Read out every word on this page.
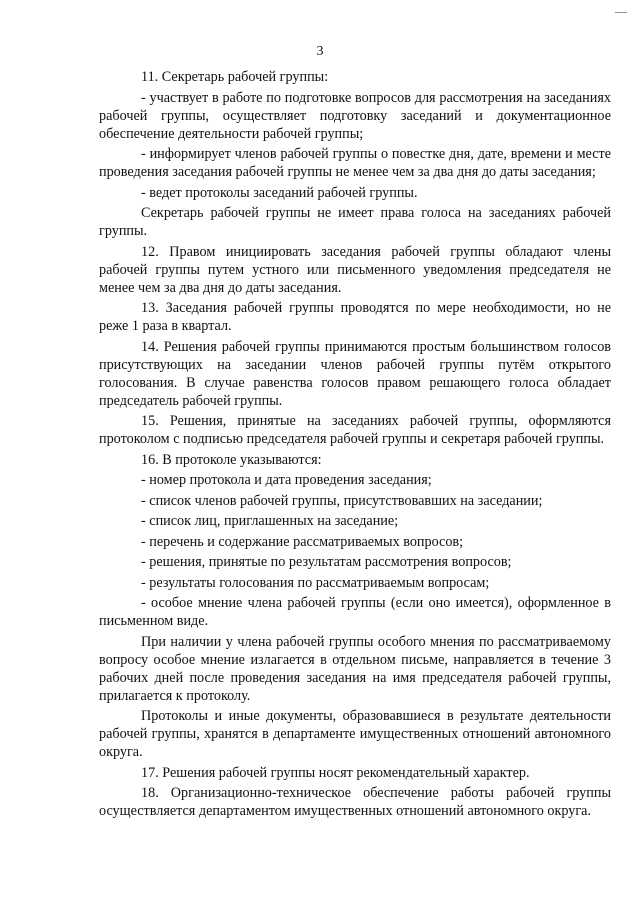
—
3

11. Секретарь рабочей группы:

- участвует в работе по подготовке вопросов для рассмотрения на заседаниях рабочей группы, осуществляет подготовку заседаний и документационное обеспечение деятельности рабочей группы;

- информирует членов рабочей группы о повестке дня, дате, времени и месте проведения заседания рабочей группы не менее чем за два дня до даты заседания;

- ведет протоколы заседаний рабочей группы.

Секретарь рабочей группы не имеет права голоса на заседаниях рабочей группы.

12. Правом инициировать заседания рабочей группы обладают члены рабочей группы путем устного или письменного уведомления председателя не менее чем за два дня до даты заседания.

13. Заседания рабочей группы проводятся по мере необходимости, но не реже 1 раза в квартал.

14. Решения рабочей группы принимаются простым большинством голосов присутствующих на заседании членов рабочей группы путём открытого голосования. В случае равенства голосов правом решающего голоса обладает председатель рабочей группы.

15. Решения, принятые на заседаниях рабочей группы, оформляются протоколом с подписью председателя рабочей группы и секретаря рабочей группы.

16. В протоколе указываются:

- номер протокола и дата проведения заседания;

- список членов рабочей группы, присутствовавших на заседании;

- список лиц, приглашенных на заседание;

- перечень и содержание рассматриваемых вопросов;

- решения, принятые по результатам рассмотрения вопросов;

- результаты голосования по рассматриваемым вопросам;

- особое мнение члена рабочей группы (если оно имеется), оформленное в письменном виде.

При наличии у члена рабочей группы особого мнения по рассматриваемому вопросу особое мнение излагается в отдельном письме, направляется в течение 3 рабочих дней после проведения заседания на имя председателя рабочей группы, прилагается к протоколу.

Протоколы и иные документы, образовавшиеся в результате деятельности рабочей группы, хранятся в департаменте имущественных отношений автономного округа.

17. Решения рабочей группы носят рекомендательный характер.

18. Организационно-техническое обеспечение работы рабочей группы осуществляется департаментом имущественных отношений автономного округа.
